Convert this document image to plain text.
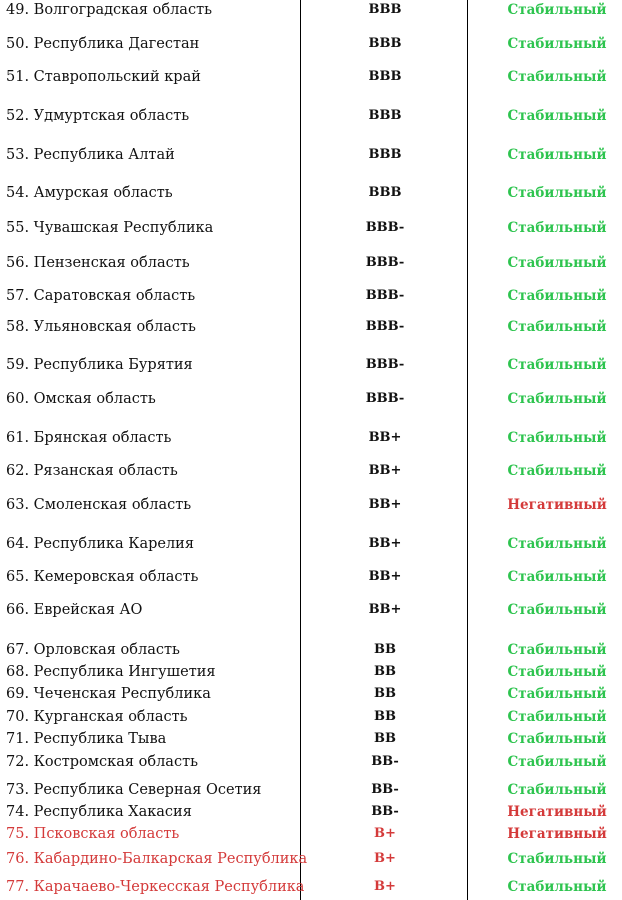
49. Волгоградская область	BBB	Стабильный
50. Республика Дагестан	BBB	Стабильный
51. Ставропольский край	BBB	Стабильный
52. Удмуртская область	BBB	Стабильный
53. Республика Алтай	BBB	Стабильный
54. Амурская область	BBB	Стабильный
55. Чувашская Республика	BBB-	Стабильный
56. Пензенская область	BBB-	Стабильный
57. Саратовская область	BBB-	Стабильный
58. Ульяновская область	BBB-	Стабильный
59. Республика Бурятия	BBB-	Стабильный
60. Омская область	BBB-	Стабильный
61. Брянская область	BB+	Стабильный
62. Рязанская область	BB+	Стабильный
63. Смоленская область	BB+	Негативный
64. Республика Карелия	BB+	Стабильный
65. Кемеровская область	BB+	Стабильный
66. Еврейская АО	BB+	Стабильный
67. Орловская область	BB	Стабильный
68. Республика Ингушетия	BB	Стабильный
69. Чеченская Республика	BB	Стабильный
70. Курганская область	BB	Стабильный
71. Республика Тыва	BB	Стабильный
72. Костромская область	BB-	Стабильный
73. Республика Северная Осетия	BB-	Стабильный
74. Республика Хакасия	BB-	Негативный
75. Псковская область	B+	Негативный
76. Кабардино-Балкарская Республика	B+	Стабильный
77. Карачаево-Черкесская Республика	B+	Стабильный
